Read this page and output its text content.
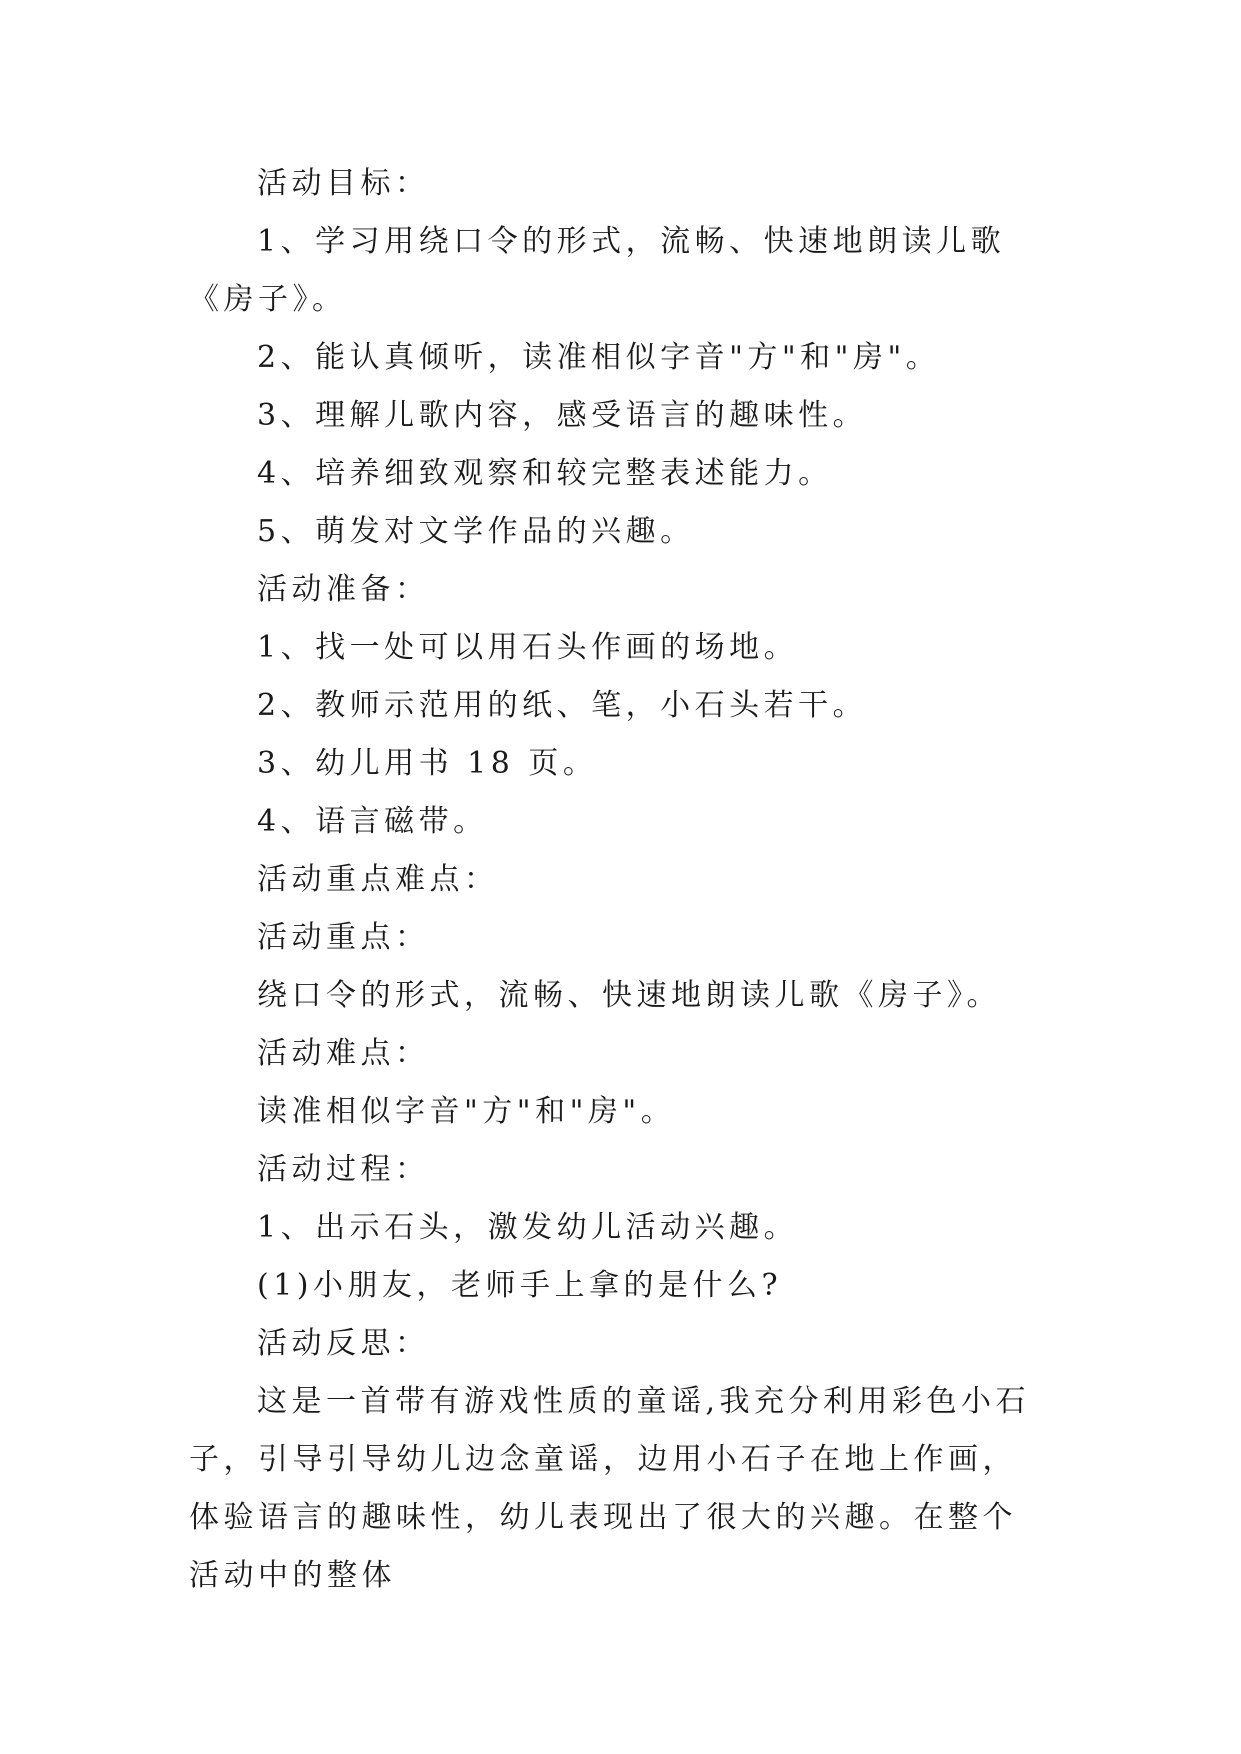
活动目标：

1、学习用绕口令的形式，流畅、快速地朗读儿歌《房子》。

2、能认真倾听，读准相似字音"方"和"房"。

3、理解儿歌内容，感受语言的趣味性。

4、培养细致观察和较完整表述能力。

5、萌发对文学作品的兴趣。

活动准备：

1、找一处可以用石头作画的场地。

2、教师示范用的纸、笔，小石头若干。

3、幼儿用书 18 页。

4、语言磁带。

活动重点难点：

活动重点：

绕口令的形式，流畅、快速地朗读儿歌《房子》。

活动难点：

读准相似字音"方"和"房"。

活动过程：

1、出示石头，激发幼儿活动兴趣。

(1)小朋友，老师手上拿的是什么?

活动反思：

这是一首带有游戏性质的童谣,我充分利用彩色小石子，引导引导幼儿边念童谣，边用小石子在地上作画，体验语言的趣味性，幼儿表现出了很大的兴趣。在整个活动中的整体
